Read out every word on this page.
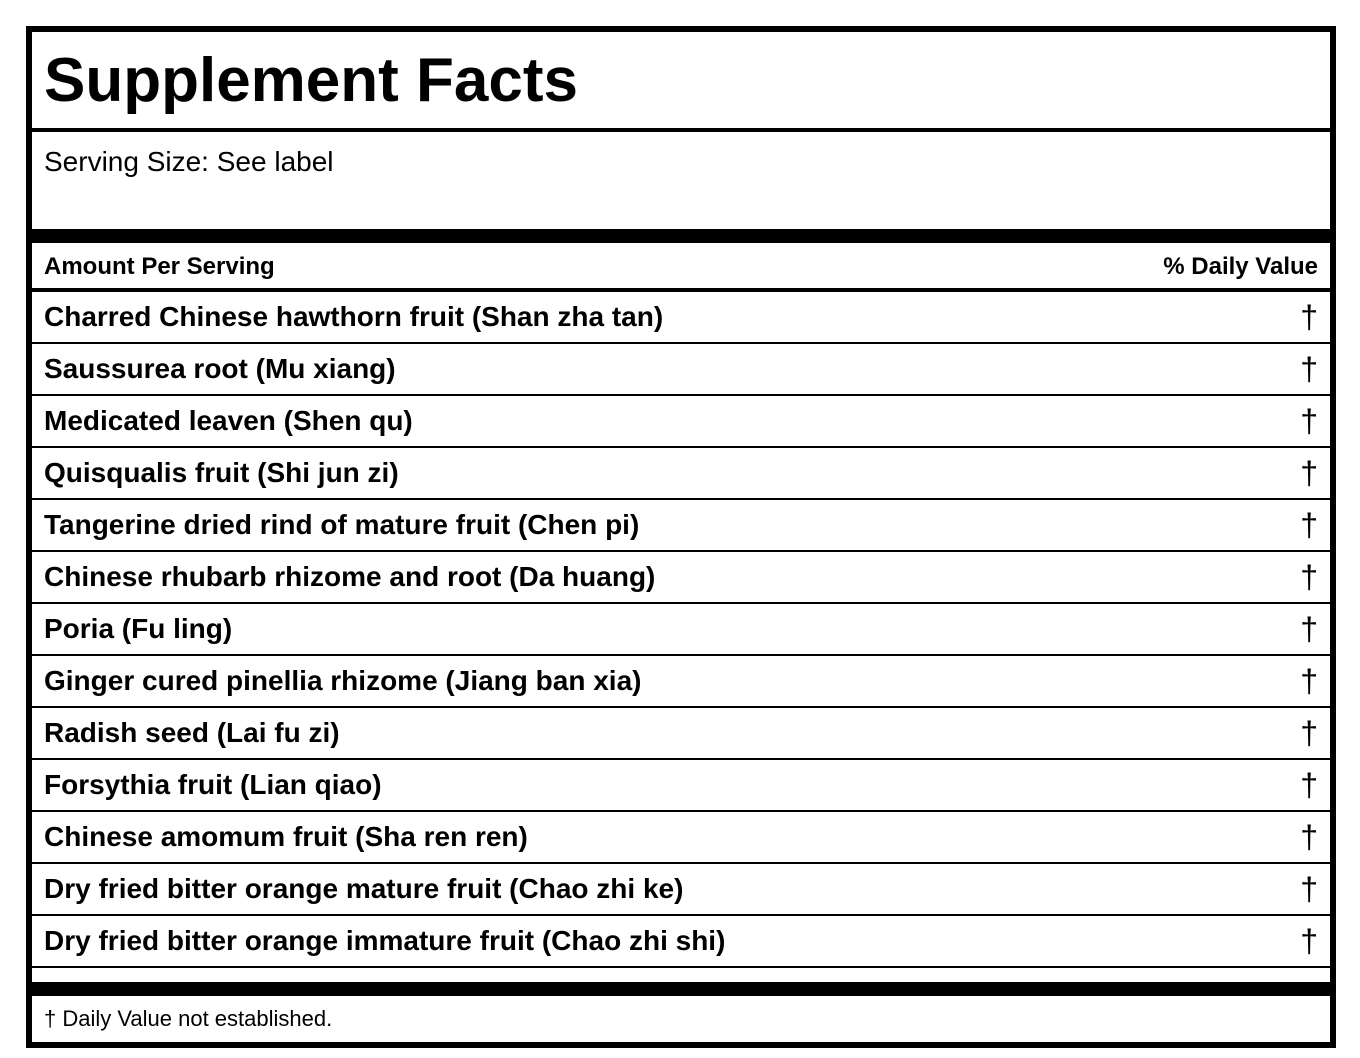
Supplement Facts
Serving Size: See label
Amount Per Serving	% Daily Value
Charred Chinese hawthorn fruit (Shan zha tan)	†
Saussurea root (Mu xiang)	†
Medicated leaven (Shen qu)	†
Quisqualis fruit (Shi jun zi)	†
Tangerine dried rind of mature fruit (Chen pi)	†
Chinese rhubarb rhizome and root (Da huang)	†
Poria (Fu ling)	†
Ginger cured pinellia rhizome (Jiang ban xia)	†
Radish seed (Lai fu zi)	†
Forsythia fruit (Lian qiao)	†
Chinese amomum fruit (Sha ren ren)	†
Dry fried bitter orange mature fruit (Chao zhi ke)	†
Dry fried bitter orange immature fruit (Chao zhi shi)	†
† Daily Value not established.
